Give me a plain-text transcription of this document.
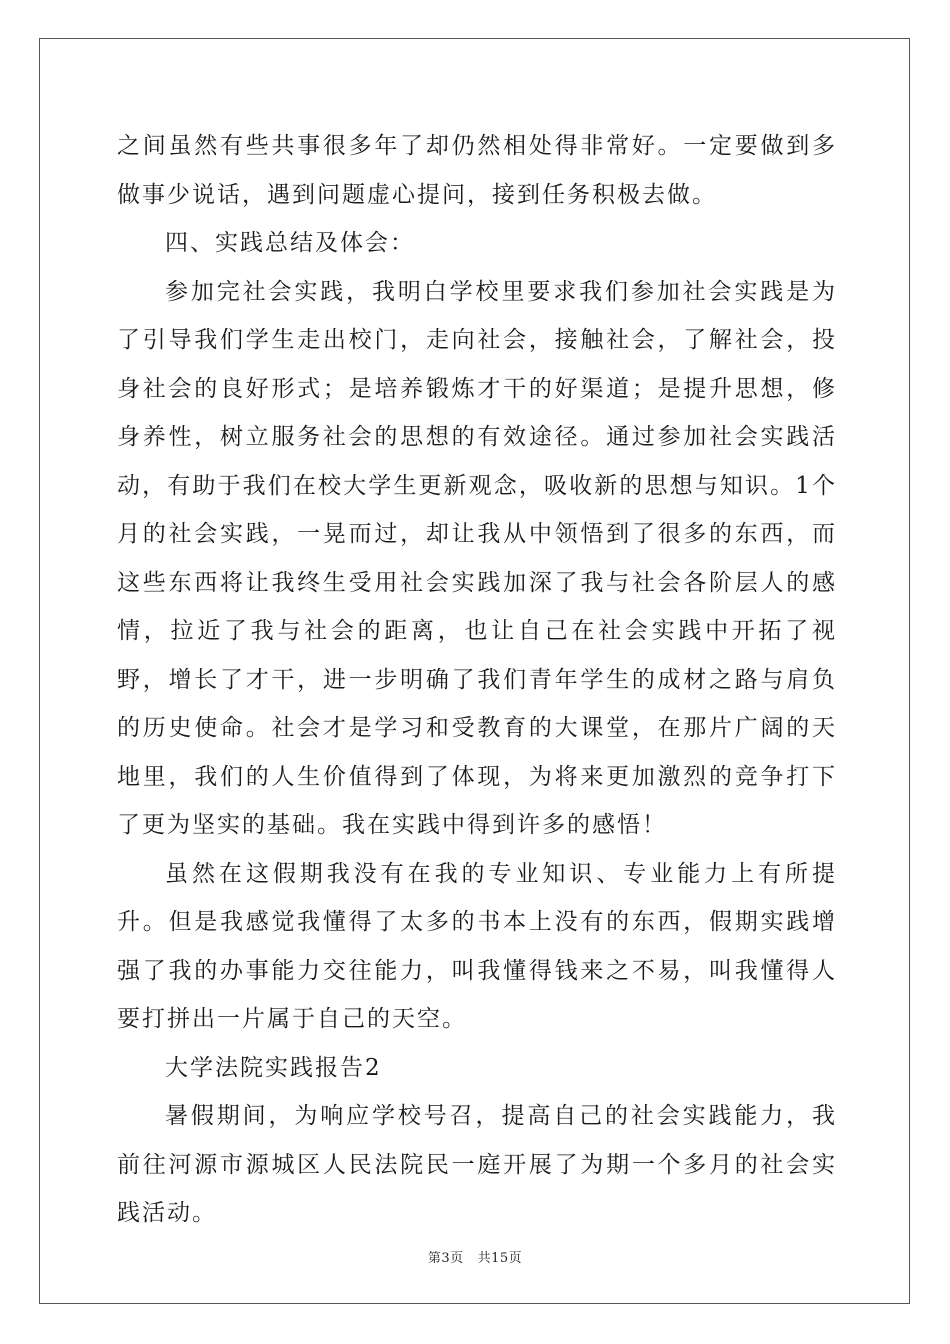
之间虽然有些共事很多年了却仍然相处得非常好。一定要做到多做事少说话，遇到问题虚心提问，接到任务积极去做。

四、实践总结及体会：

参加完社会实践，我明白学校里要求我们参加社会实践是为了引导我们学生走出校门，走向社会，接触社会，了解社会，投身社会的良好形式；是培养锻炼才干的好渠道；是提升思想，修身养性，树立服务社会的思想的有效途径。通过参加社会实践活动，有助于我们在校大学生更新观念，吸收新的思想与知识。1个月的社会实践，一晃而过，却让我从中领悟到了很多的东西，而这些东西将让我终生受用社会实践加深了我与社会各阶层人的感情，拉近了我与社会的距离，也让自己在社会实践中开拓了视野，增长了才干，进一步明确了我们青年学生的成材之路与肩负的历史使命。社会才是学习和受教育的大课堂，在那片广阔的天地里，我们的人生价值得到了体现，为将来更加激烈的竞争打下了更为坚实的基础。我在实践中得到许多的感悟！

虽然在这假期我没有在我的专业知识、专业能力上有所提升。但是我感觉我懂得了太多的书本上没有的东西，假期实践增强了我的办事能力交往能力，叫我懂得钱来之不易，叫我懂得人要打拼出一片属于自己的天空。

大学法院实践报告2

暑假期间，为响应学校号召，提高自己的社会实践能力，我前往河源市源城区人民法院民一庭开展了为期一个多月的社会实践活动。

第3页 共15页
